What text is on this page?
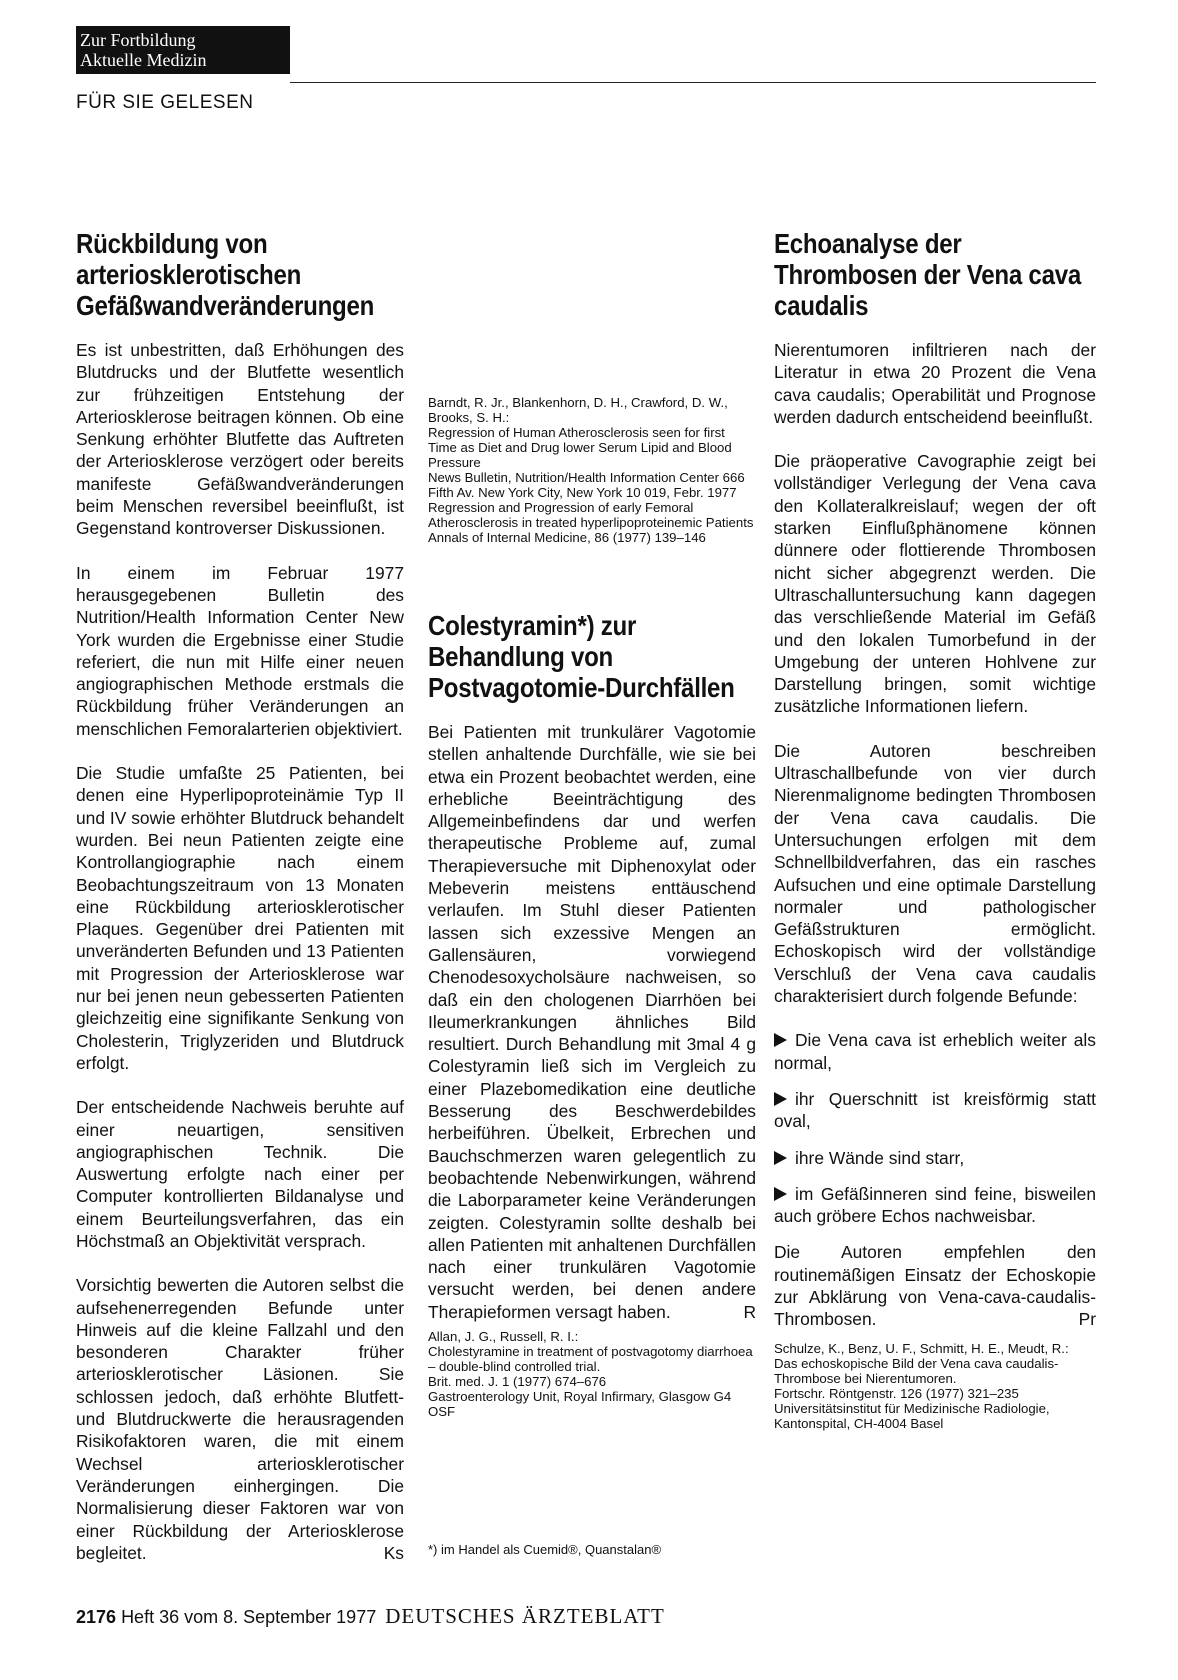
Zur Fortbildung
Aktuelle Medizin
FÜR SIE GELESEN
Rückbildung von arteriosklerotischen Gefäßwandveränderungen

Es ist unbestritten, daß Erhöhungen des Blutdrucks und der Blutfette wesentlich zur frühzeitigen Entstehung der Arteriosklerose beitragen können. Ob eine Senkung erhöhter Blutfette das Auftreten der Arteriosklerose verzögert oder bereits manifeste Gefäßwandveränderungen beim Menschen reversibel beeinflußt, ist Gegenstand kontroverser Diskussionen.

In einem im Februar 1977 herausgegebenen Bulletin des Nutrition/Health Information Center New York wurden die Ergebnisse einer Studie referiert, die nun mit Hilfe einer neuen angiographischen Methode erstmals die Rückbildung früher Veränderungen an menschlichen Femoralarterien objektiviert.

Die Studie umfaßte 25 Patienten, bei denen eine Hyperlipoproteinämie Typ II und IV sowie erhöhter Blutdruck behandelt wurden. Bei neun Patienten zeigte eine Kontrollangiographie nach einem Beobachtungszeitraum von 13 Monaten eine Rückbildung arteriosklerotischer Plaques. Gegenüber drei Patienten mit unveränderten Befunden und 13 Patienten mit Progression der Arteriosklerose war nur bei jenen neun gebesserten Patienten gleichzeitig eine signifikante Senkung von Cholesterin, Triglyzeriden und Blutdruck erfolgt.

Der entscheidende Nachweis beruhte auf einer neuartigen, sensitiven angiographischen Technik. Die Auswertung erfolgte nach einer per Computer kontrollierten Bildanalyse und einem Beurteilungsverfahren, das ein Höchstmaß an Objektivität versprach.

Vorsichtig bewerten die Autoren selbst die aufsehenerregenden Befunde unter Hinweis auf die kleine Fallzahl und den besonderen Charakter früher arteriosklerotischer Läsionen. Sie schlossen jedoch, daß erhöhte Blutfett- und Blutdruckwerte die herausragenden Risikofaktoren waren, die mit einem Wechsel arteriosklerotischer Veränderungen einhergingen. Die Normalisierung dieser Faktoren war von einer Rückbildung der Arteriosklerose begleitet.	Ks

Barndt, R. Jr., Blankenhorn, D. H., Crawford, D. W., Brooks, S. H.:

Regression of Human Atherosclerosis seen for first Time as Diet and Drug lower Serum Lipid and Blood Pressure

News Bulletin, Nutrition/Health Information Center 666 Fifth Av. New York City, New York 10 019, Febr. 1977

Regression and Progression of early Femoral Atherosclerosis in treated hyperlipoproteinemic Patients

Annals of Internal Medicine, 86 (1977) 139–146

Colestyramin*) zur Behandlung von Postvagotomie-Durchfällen

Bei Patienten mit trunkulärer Vagotomie stellen anhaltende Durchfälle, wie sie bei etwa ein Prozent beobachtet werden, eine erhebliche Beeinträchtigung des Allgemeinbefindens dar und werfen therapeutische Probleme auf, zumal Therapieversuche mit Diphenoxylat oder Mebeverin meistens enttäuschend verlaufen. Im Stuhl dieser Patienten lassen sich exzessive Mengen an Gallensäuren, vorwiegend Chenodesoxycholsäure nachweisen, so daß ein den chologenen Diarrhöen bei Ileumerkrankungen ähnliches Bild resultiert. Durch Behandlung mit 3mal 4 g Colestyramin ließ sich im Vergleich zu einer Plazebomedikation eine deutliche Besserung des Beschwerdebildes herbeiführen. Übelkeit, Erbrechen und Bauchschmerzen waren gelegentlich zu beobachtende Nebenwirkungen, während die Laborparameter keine Veränderungen zeigten. Colestyramin sollte deshalb bei allen Patienten mit anhaltenen Durchfällen nach einer trunkulären Vagotomie versucht werden, bei denen andere Therapieformen versagt haben.	R

Allan, J. G., Russell, R. I.:

Cholestyramine in treatment of postvagotomy diarrhoea – double-blind controlled trial.

Brit. med. J. 1 (1977) 674–676

Gastroenterology Unit, Royal Infirmary, Glasgow G4 OSF

*) im Handel als Cuemid®, Quanstalan®
Echoanalyse der Thrombosen der Vena cava caudalis

Nierentumoren infiltrieren nach der Literatur in etwa 20 Prozent die Vena cava caudalis; Operabilität und Prognose werden dadurch entscheidend beeinflußt.

Die präoperative Cavographie zeigt bei vollständiger Verlegung der Vena cava den Kollateralkreislauf; wegen der oft starken Einflußphänomene können dünnere oder flottierende Thrombosen nicht sicher abgegrenzt werden. Die Ultraschalluntersuchung kann dagegen das verschließende Material im Gefäß und den lokalen Tumorbefund in der Umgebung der unteren Hohlvene zur Darstellung bringen, somit wichtige zusätzliche Informationen liefern.

Die Autoren beschreiben Ultraschallbefunde von vier durch Nierenmalignome bedingten Thrombosen der Vena cava caudalis. Die Untersuchungen erfolgen mit dem Schnellbildverfahren, das ein rasches Aufsuchen und eine optimale Darstellung normaler und pathologischer Gefäßstrukturen ermöglicht. Echoskopisch wird der vollständige Verschluß der Vena cava caudalis charakterisiert durch folgende Befunde:

Die Vena cava ist erheblich weiter als normal,
ihr Querschnitt ist kreisförmig statt oval,
ihre Wände sind starr,
im Gefäßinneren sind feine, bisweilen auch gröbere Echos nachweisbar.

Die Autoren empfehlen den routinemäßigen Einsatz der Echoskopie zur Abklärung von Vena-cava-caudalis-Thrombosen.	Pr

Schulze, K., Benz, U. F., Schmitt, H. E., Meudt, R.:

Das echoskopische Bild der Vena cava caudalis-Thrombose bei Nierentumoren.

Fortschr. Röntgenstr. 126 (1977) 321–235

Universitätsinstitut für Medizinische Radiologie, Kantonspital, CH-4004 Basel

2176 Heft 36 vom 8. September 1977 DEUTSCHES ÄRZTEBLATT
